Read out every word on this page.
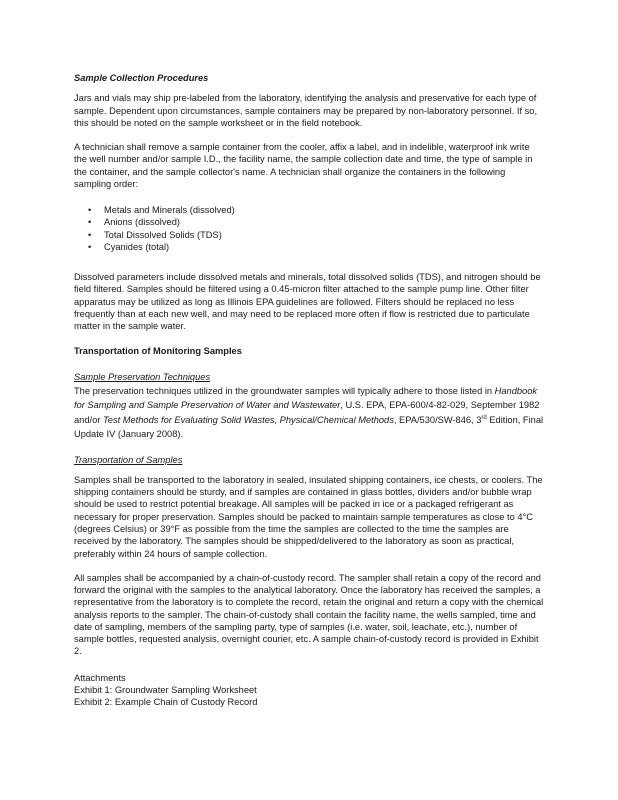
Sample Collection Procedures

Jars and vials may ship pre-labeled from the laboratory, identifying the analysis and preservative for each type of sample. Dependent upon circumstances, sample containers may be prepared by non-laboratory personnel. If so, this should be noted on the sample worksheet or in the field notebook.

A technician shall remove a sample container from the cooler, affix a label, and in indelible, waterproof ink write the well number and/or sample I.D., the facility name, the sample collection date and time, the type of sample in the container, and the sample collector's name. A technician shall organize the containers in the following sampling order:

• Metals and Minerals (dissolved)
• Anions (dissolved)
• Total Dissolved Solids (TDS)
• Cyanides (total)

Dissolved parameters include dissolved metals and minerals, total dissolved solids (TDS), and nitrogen should be field filtered. Samples should be filtered using a 0.45-micron filter attached to the sample pump line. Other filter apparatus may be utilized as long as Illinois EPA guidelines are followed. Filters should be replaced no less frequently than at each new well, and may need to be replaced more often if flow is restricted due to particulate matter in the sample water.

Transportation of Monitoring Samples

Sample Preservation Techniques

The preservation techniques utilized in the groundwater samples will typically adhere to those listed in Handbook for Sampling and Sample Preservation of Water and Wastewater, U.S. EPA, EPA-600/4-82-029, September 1982 and/or Test Methods for Evaluating Solid Wastes, Physical/Chemical Methods, EPA/530/SW-846, 3rd Edition, Final Update IV (January 2008).

Transportation of Samples

Samples shall be transported to the laboratory in sealed, insulated shipping containers, ice chests, or coolers. The shipping containers should be sturdy, and if samples are contained in glass bottles, dividers and/or bubble wrap should be used to restrict potential breakage. All samples will be packed in ice or a packaged refrigerant as necessary for proper preservation. Samples should be packed to maintain sample temperatures as close to 4°C (degrees Celsius) or 39°F as possible from the time the samples are collected to the time the samples are received by the laboratory. The samples should be shipped/delivered to the laboratory as soon as practical, preferably within 24 hours of sample collection.

All samples shall be accompanied by a chain-of-custody record. The sampler shall retain a copy of the record and forward the original with the samples to the analytical laboratory. Once the laboratory has received the samples, a representative from the laboratory is to complete the record, retain the original and return a copy with the chemical analysis reports to the sampler. The chain-of-custody shall contain the facility name, the wells sampled, time and date of sampling, members of the sampling party, type of samples (i.e. water, soil, leachate, etc.), number of sample bottles, requested analysis, overnight courier, etc. A sample chain-of-custody record is provided in Exhibit 2.

Attachments
Exhibit 1: Groundwater Sampling Worksheet
Exhibit 2: Example Chain of Custody Record
